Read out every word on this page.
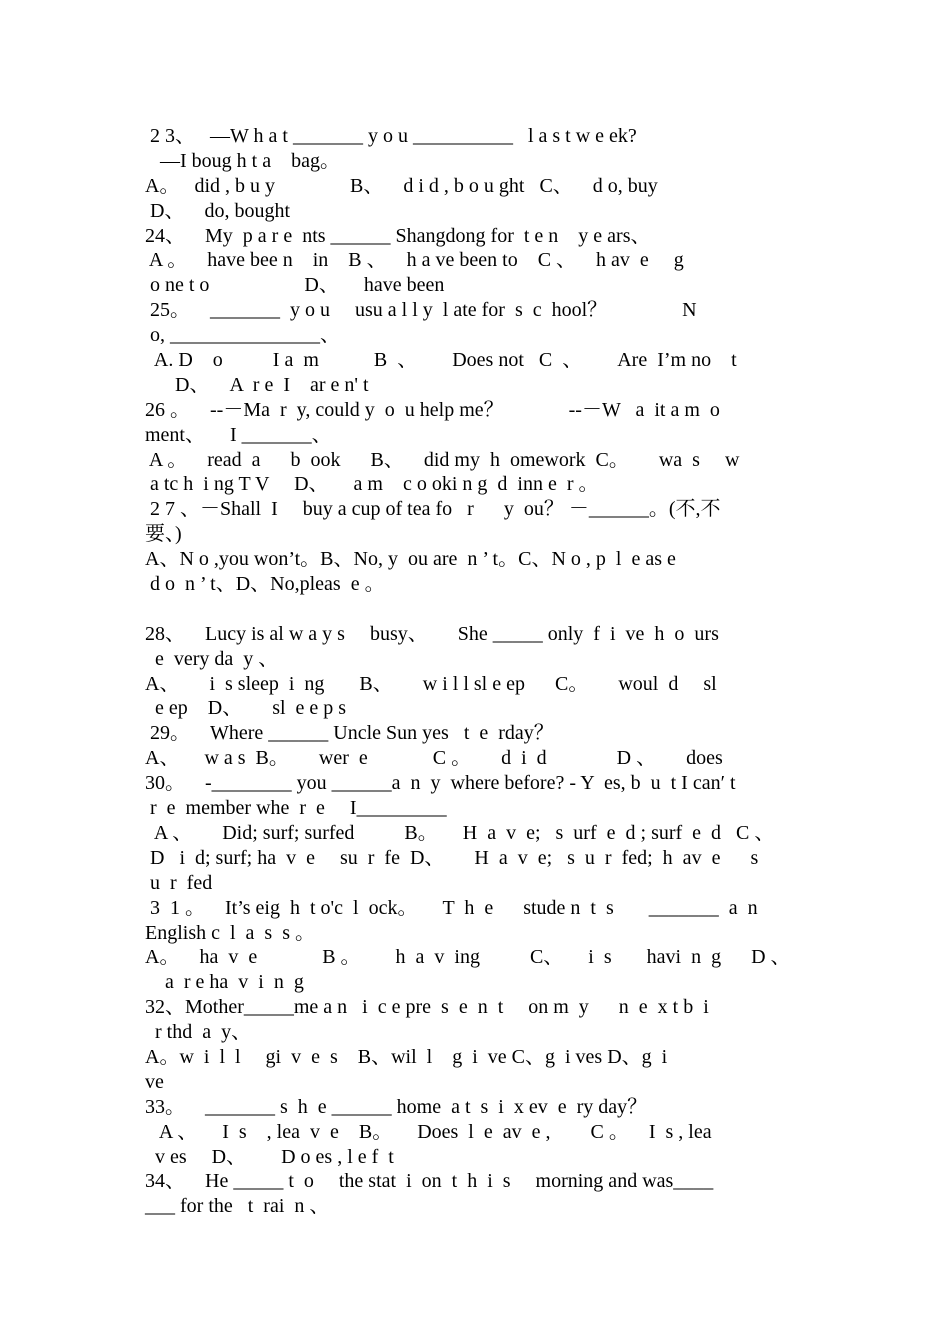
2 3、   —W h a t _______ y o u __________   l a s t w e ek?
—I boug h t a    bag。
A。   did , b u y               B、    d i d , b o u ght   C、    d o, buy
D、    do, bought
24、    My  p a r e  nts ______ Shangdong for  t e n    y e ars、
A 。    have bee n    in    B 、    h a ve been to    C 、    h av  e     g
o ne t o                   D、     have been
25。    _______  y o u     usu a l l y  l ate for  s  c  hool？               N
o, _______________、
A. D    o          I a  m           B  、       Does not   C  、       Are  I’m no    t
D、    A  r e  I    ar e n' t
26 。    --－Ma  r  y, could y  o  u help me？             --－W   a  it a m  o
ment、     I _______、
A 。    read  a      b  ook      B、    did my  h  omework  C。      wa  s     w
a tc h  i ng T V     D、     a m    c o oki n g  d  inn e  r 。
2 7 、－Shall  I     buy a cup of tea fo   r      y  ou？ －______。(不,不
要、)
A、N o ,you won’t。B、No, y  ou are  n ’ t。C、N o , p  l  e as e
d o  n ’ t、D、No,pleas  e 。
28、    Lucy is al w a y s     busy、      She _____ only  f  i  ve  h  o  urs
e  very da  y 、
A、      i  s sleep  i  ng       B、      w i l l sl e ep      C。      woul  d     sl
e ep    D、      sl  e e p s
29。    Where ______ Uncle Sun yes   t  e  rday？
A、     w a s  B。      wer  e             C 。      d  i  d              D 、      does
30。    -________ you ______a  n  y  where before? - Y  es, b  u  t I can′ t
r  e  member whe  r  e     I_________
A 、      Did; surf; surfed          B。     H  a  v  e;   s  urf  e  d ; surf  e  d   C 、
D   i  d; surf; ha  v  e     su  r  fe  D、      H  a  v  e;   s  u  r  fed;  h  av  e      s
u  r  fed
3  1 。    It’s eig  h  t o'c  l  ock。     T  h  e      stude n  t  s       _______  a  n
English c  l  a  s  s 。
A。    ha  v  e             B 。       h  a  v  ing          C、     i  s       havi  n  g      D 、
a  r e ha  v  i  n  g
32、Mother_____me a n   i  c e pre  s  e  n  t     on m  y      n  e  x t b  i
r thd  a  y、
A。w  i  l  l     gi  v  e  s    B、wil  l    g  i  ve C、g  i ves D、g  i
ve
33。    _______ s  h  e ______ home  a t  s  i  x ev  e  ry day？
A 、     I  s    , lea  v  e    B。     Does  l  e  av  e ,        C 。    I  s , lea
v es     D、       D o es , l e f  t
34、    He _____ t  o     the stat  i  on  t  h  i  s     morning and was____
___ for the   t  rai  n 、
